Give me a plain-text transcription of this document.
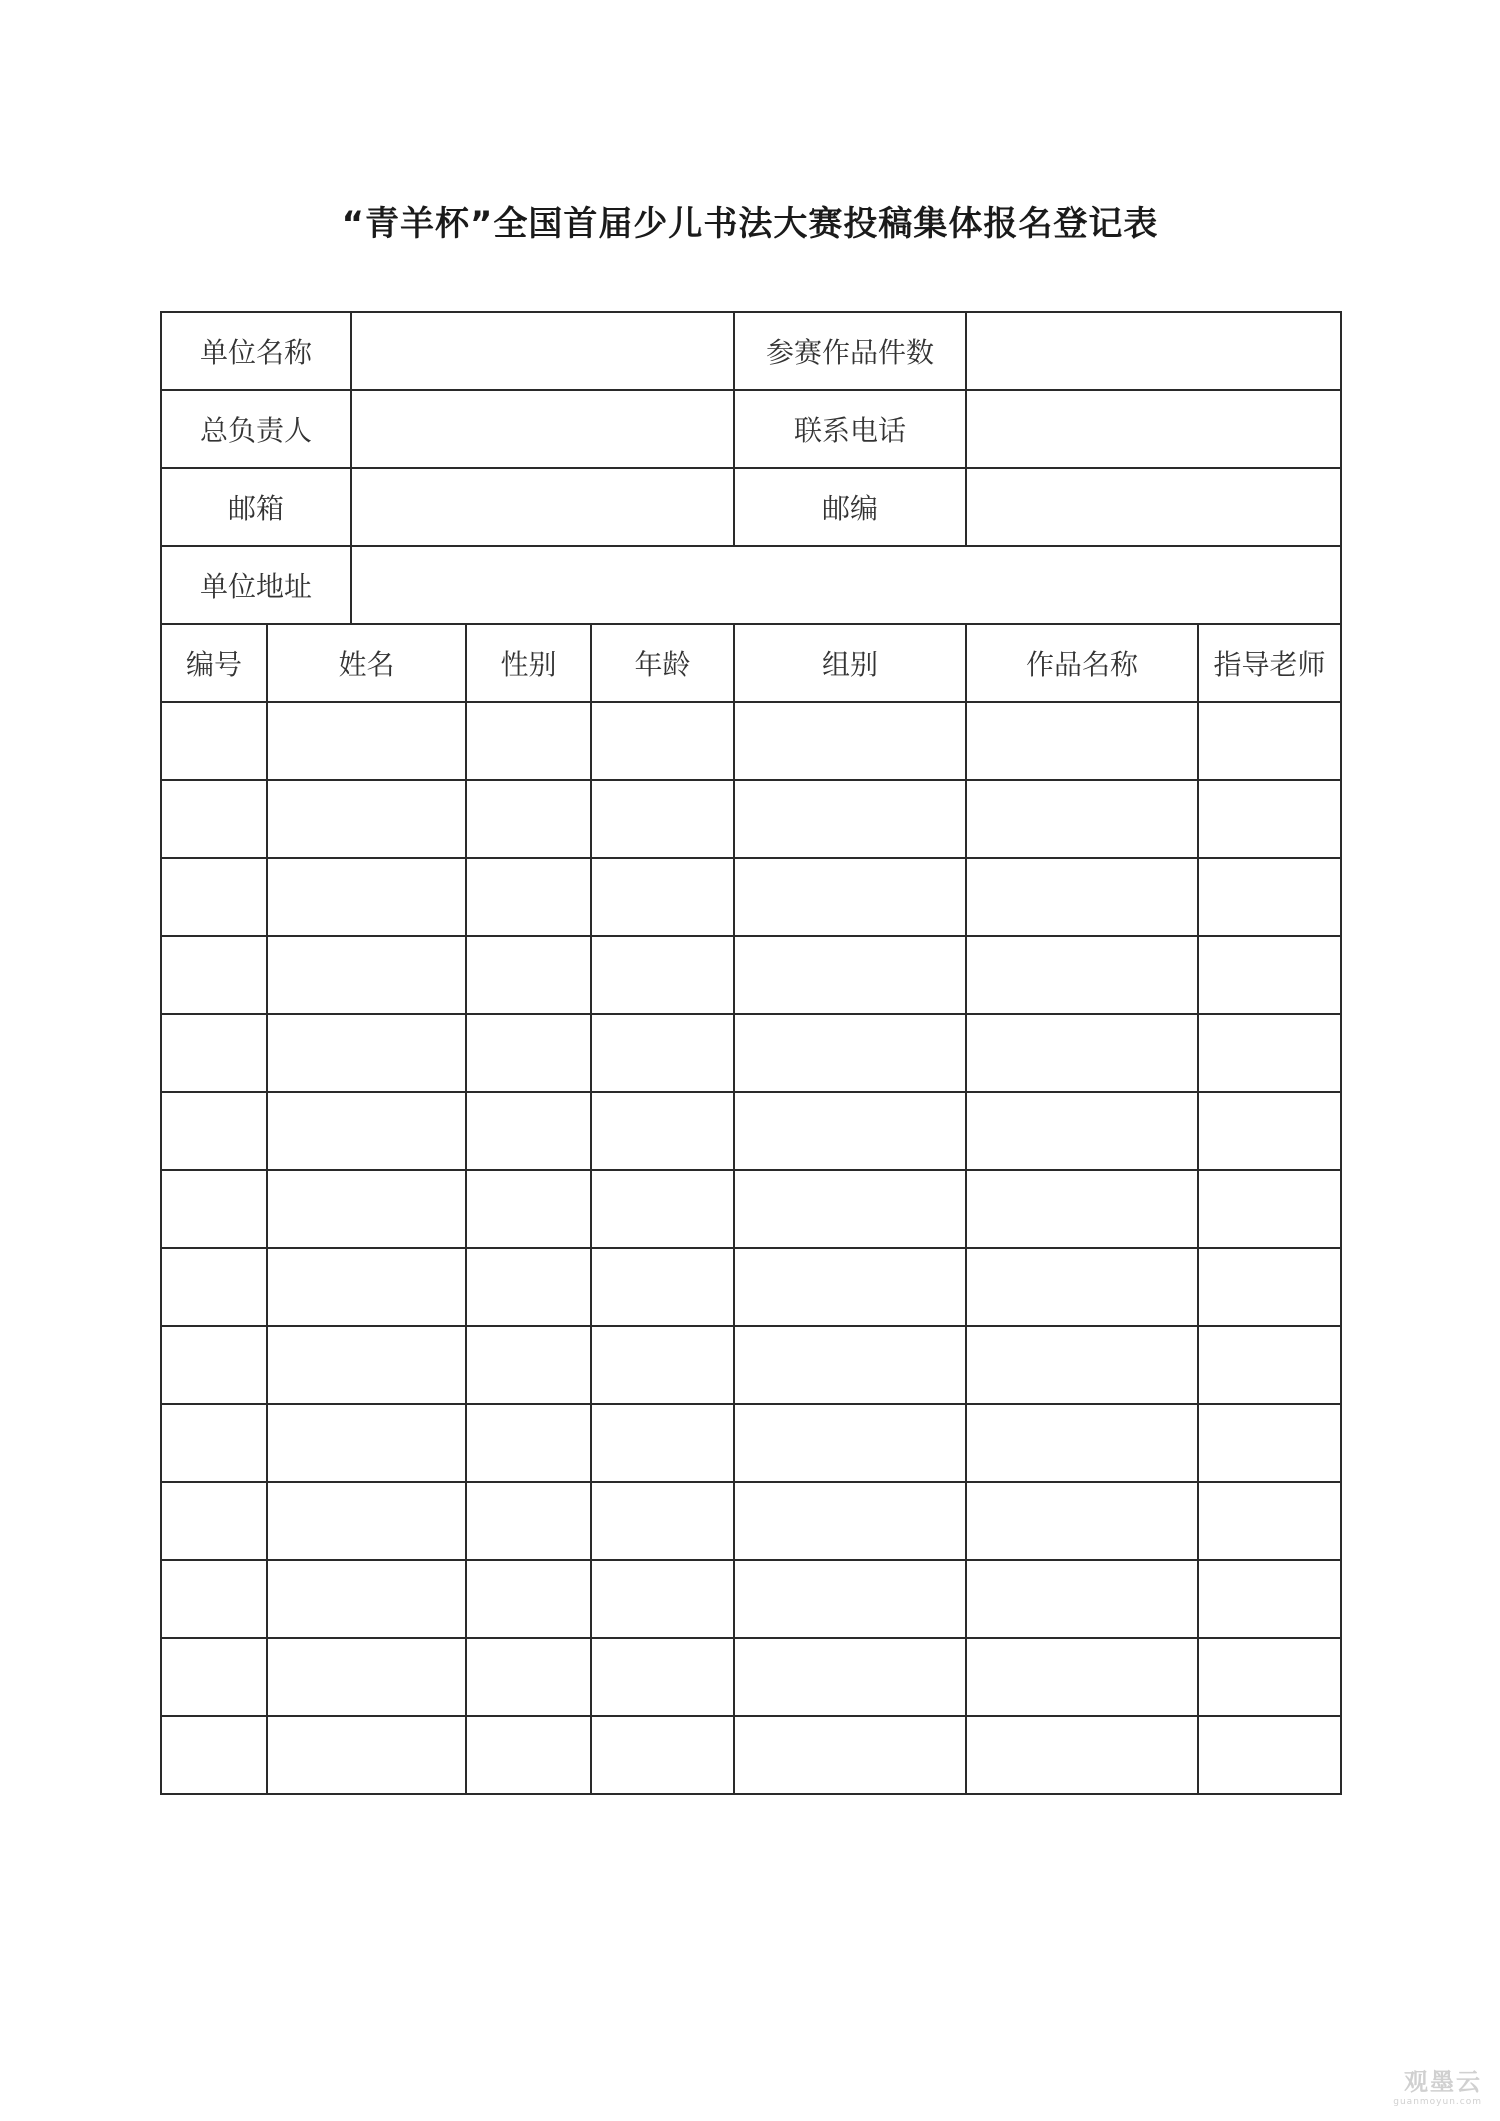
“青羊杯”全国首届少儿书法大赛投稿集体报名登记表

单位名称					参赛作品件数		
总负责人					联系电话		
邮箱					邮编		
单位地址							
编号	姓名		性别	年龄	组别	作品名称	指导老师

观墨云
guanmoyun.com
